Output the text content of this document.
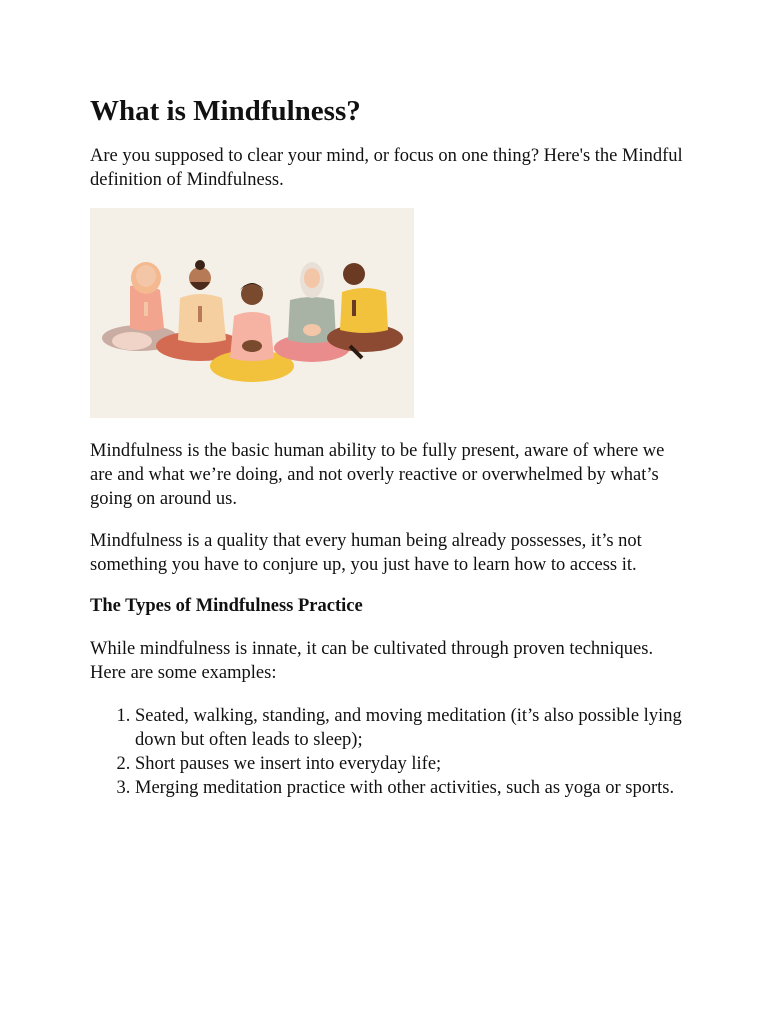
What is Mindfulness?

Are you supposed to clear your mind, or focus on one thing? Here's the Mindful definition of Mindfulness.

Mindfulness is the basic human ability to be fully present, aware of where we are and what we’re doing, and not overly reactive or overwhelmed by what’s going on around us.

Mindfulness is a quality that every human being already possesses, it’s not something you have to conjure up, you just have to learn how to access it.

The Types of Mindfulness Practice

While mindfulness is innate, it can be cultivated through proven techniques. Here are some examples:

1. Seated, walking, standing, and moving meditation (it’s also possible lying down but often leads to sleep);
2. Short pauses we insert into everyday life;
3. Merging meditation practice with other activities, such as yoga or sports.
